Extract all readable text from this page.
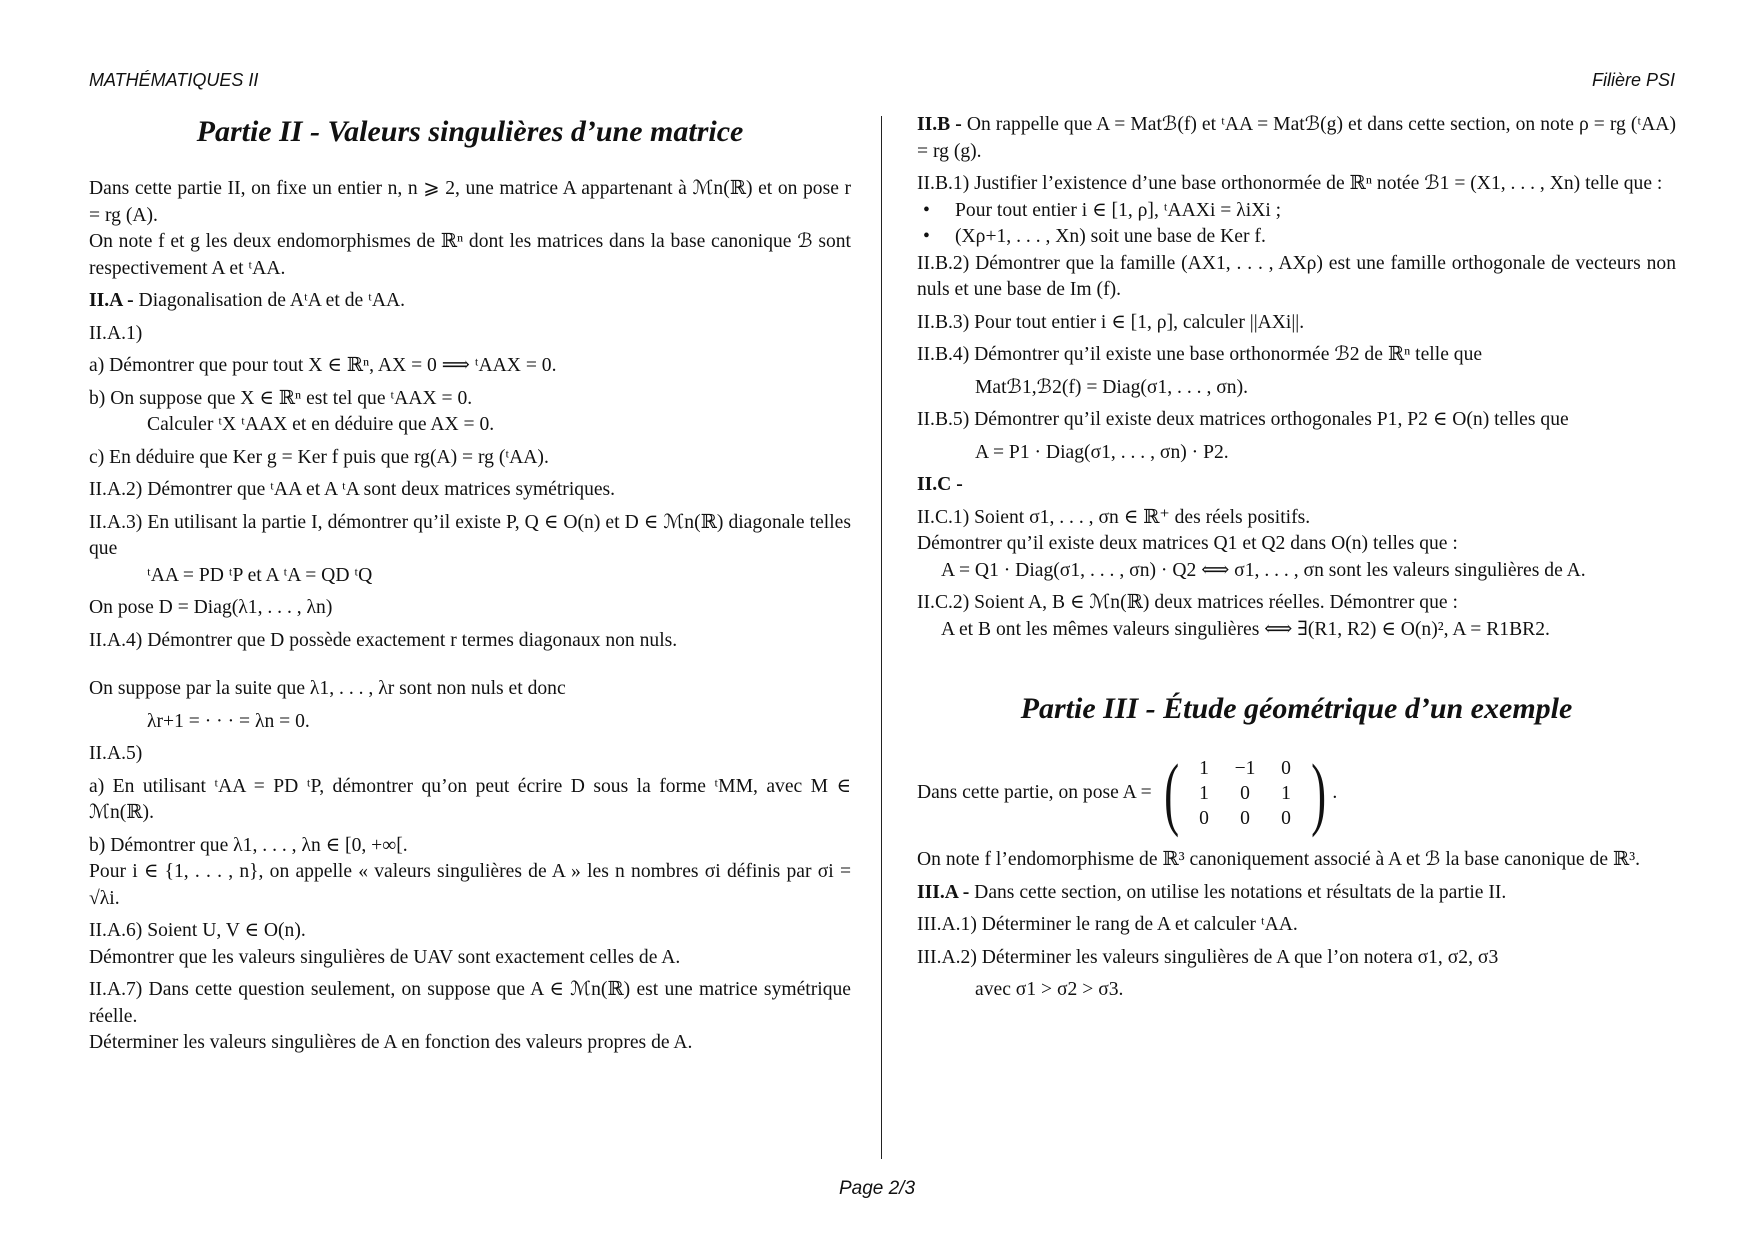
MATHÉMATIQUES II	Filière PSI
Partie II - Valeurs singulières d’une matrice

Dans cette partie II, on fixe un entier n, n ⩾ 2, une matrice A appartenant à ℳn(ℝ) et on pose r = rg (A).

On note f et g les deux endomorphismes de ℝⁿ dont les matrices dans la base canonique ℬ sont respectivement A et ᵗAA.

II.A - Diagonalisation de AᵗA et de ᵗAA.

II.A.1)

a) Démontrer que pour tout X ∈ ℝⁿ, AX = 0 ⟹ ᵗAAX = 0.

b) On suppose que X ∈ ℝⁿ est tel que ᵗAAX = 0.

Calculer ᵗX ᵗAAX et en déduire que AX = 0.

c) En déduire que Ker g = Ker f puis que rg(A) = rg (ᵗAA).

II.A.2) Démontrer que ᵗAA et A ᵗA sont deux matrices symétriques.

II.A.3) En utilisant la partie I, démontrer qu’il existe P, Q ∈ O(n) et D ∈ ℳn(ℝ) diagonale telles que

ᵗAA = PD ᵗP et A ᵗA = QD ᵗQ

On pose D = Diag(λ1, . . . , λn)

II.A.4) Démontrer que D possède exactement r termes diagonaux non nuls.

On suppose par la suite que λ1, . . . , λr sont non nuls et donc

λr+1 = · · · = λn = 0.

II.A.5)

a) En utilisant ᵗAA = PD ᵗP, démontrer qu’on peut écrire D sous la forme ᵗMM, avec M ∈ ℳn(ℝ).

b) Démontrer que λ1, . . . , λn ∈ [0, +∞[.

Pour i ∈ {1, . . . , n}, on appelle « valeurs singulières de A » les n nombres σi définis par σi = √λi.

II.A.6) Soient U, V ∈ O(n).

Démontrer que les valeurs singulières de UAV sont exactement celles de A.

II.A.7) Dans cette question seulement, on suppose que A ∈ ℳn(ℝ) est une matrice symétrique réelle.

Déterminer les valeurs singulières de A en fonction des valeurs propres de A.

II.B - On rappelle que A = Matℬ(f) et ᵗAA = Matℬ(g) et dans cette section, on note ρ = rg (ᵗAA) = rg (g).

II.B.1) Justifier l’existence d’une base orthonormée de ℝⁿ notée ℬ1 = (X1, . . . , Xn) telle que :

• Pour tout entier i ∈ [1, ρ], ᵗAAXi = λiXi ;

• (Xρ+1, . . . , Xn) soit une base de Ker f.

II.B.2) Démontrer que la famille (AX1, . . . , AXρ) est une famille orthogonale de vecteurs non nuls et une base de Im (f).

II.B.3) Pour tout entier i ∈ [1, ρ], calculer ||AXi||.

II.B.4) Démontrer qu’il existe une base orthonormée ℬ2 de ℝⁿ telle que

Matℬ1,ℬ2(f) = Diag(σ1, . . . , σn).

II.B.5) Démontrer qu’il existe deux matrices orthogonales P1, P2 ∈ O(n) telles que

A = P1 · Diag(σ1, . . . , σn) · P2.

II.C -

II.C.1) Soient σ1, . . . , σn ∈ ℝ⁺ des réels positifs.

Démontrer qu’il existe deux matrices Q1 et Q2 dans O(n) telles que :

A = Q1 · Diag(σ1, . . . , σn) · Q2 ⟺ σ1, . . . , σn sont les valeurs singulières de A.

II.C.2) Soient A, B ∈ ℳn(ℝ) deux matrices réelles. Démontrer que :

A et B ont les mêmes valeurs singulières ⟺ ∃(R1, R2) ∈ O(n)², A = R1BR2.

Partie III - Étude géométrique d’un exemple
Dans cette partie, on pose A = (	1	−1	0
1	0	1
0	0	0 ) .

On note f l’endomorphisme de ℝ³ canoniquement associé à A et ℬ la base canonique de ℝ³.

III.A - Dans cette section, on utilise les notations et résultats de la partie II.

III.A.1) Déterminer le rang de A et calculer ᵗAA.

III.A.2) Déterminer les valeurs singulières de A que l’on notera σ1, σ2, σ3

avec σ1 > σ2 > σ3.

Page 2/3
